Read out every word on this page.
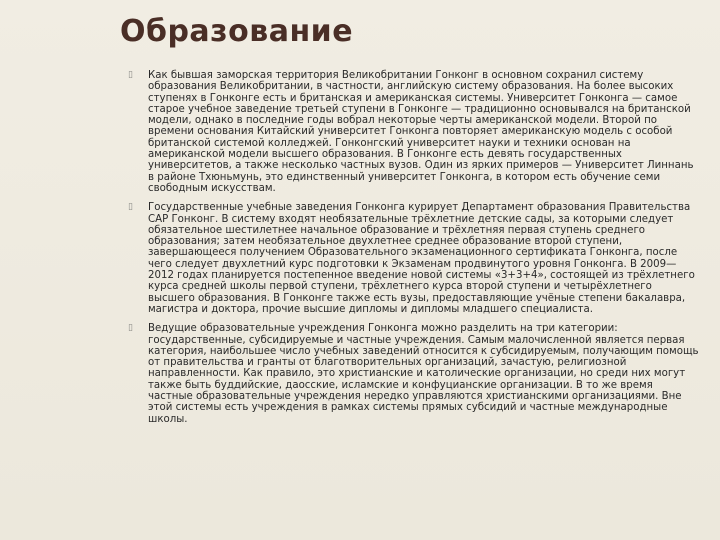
Образование
▯ Как бывшая заморская территория Великобритании Гонконг в основном сохранил систему образования Великобритании, в частности, английскую систему образования. На более высоких ступенях в Гонконге есть и британская и американская системы. Университет Гонконга — самое старое учебное заведение третьей ступени в Гонконге — традиционно основывался на британской модели, однако в последние годы вобрал некоторые черты американской модели. Второй по времени основания Китайский университет Гонконга повторяет американскую модель с особой британской системой колледжей. Гонконгский университет науки и техники основан на американской модели высшего образования. В Гонконге есть девять государственных университетов, а также несколько частных вузов. Один из ярких примеров — Университет Линнань в районе Тхюньмунь, это единственный университет Гонконга, в котором есть обучение семи свободным искусствам.
▯ Государственные учебные заведения Гонконга курирует Департамент образования Правительства САР Гонконг. В систему входят необязательные трёхлетние детские сады, за которыми следует обязательное шестилетнее начальное образование и трёхлетняя первая ступень среднего образования; затем необязательное двухлетнее среднее образование второй ступени, завершающееся получением Образовательного экзаменационного сертификата Гонконга, после чего следует двухлетний курс подготовки к Экзаменам продвинутого уровня Гонконга. В 2009—2012 годах планируется постепенное введение новой системы «3+3+4», состоящей из трёхлетнего курса средней школы первой ступени, трёхлетнего курса второй ступени и четырёхлетнего высшего образования. В Гонконге также есть вузы, предоставляющие учёные степени бакалавра, магистра и доктора, прочие высшие дипломы и дипломы младшего специалиста.
▯ Ведущие образовательные учреждения Гонконга можно разделить на три категории: государственные, субсидируемые и частные учреждения. Самым малочисленной является первая категория, наибольшее число учебных заведений относится к субсидируемым, получающим помощь от правительства и гранты от благотворительных организаций, зачастую, религиозной направленности. Как правило, это христианские и католические организации, но среди них могут также быть буддийские, даосские, исламские и конфуцианские организации. В то же время частные образовательные учреждения нередко управляются христианскими организациями. Вне этой системы есть учреждения в рамках системы прямых субсидий и частные международные школы.
